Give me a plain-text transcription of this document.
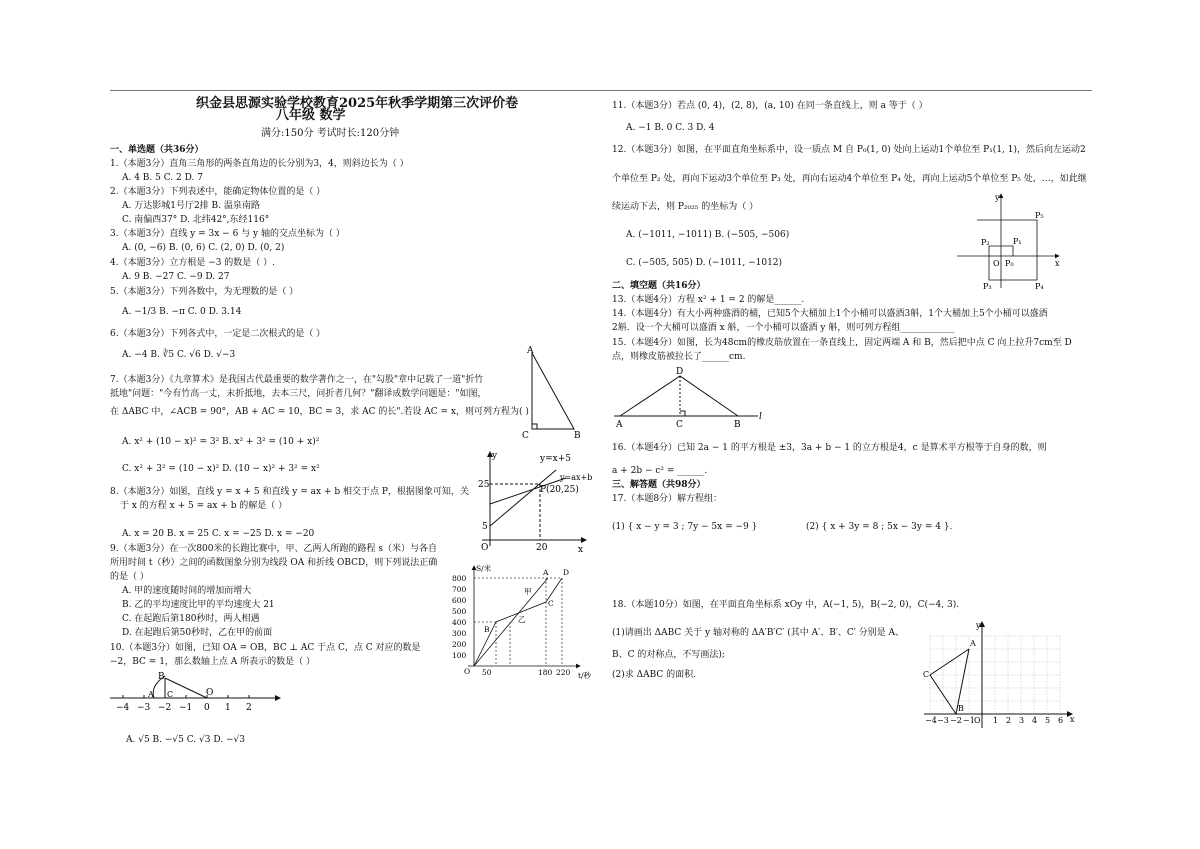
织金县思源实验学校教育2025年秋季学期第三次评价卷
八年级 数学
满分:150分 考试时长:120分钟
一、单选题（共36分）
1.（本题3分）直角三角形的两条直角边的长分别为3，4，则斜边长为（ ）
A. 4 B. 5 C. 2 D. 7
2.（本题3分）下列表述中，能确定物体位置的是（ ）
A. 万达影城1号厅2排 B. 温泉南路
C. 南偏西37° D. 北纬42°,东经116°
3.（本题3分）直线 y = 3x − 6 与 y 轴的交点坐标为（ ）
A. (0, −6) B. (0, 6) C. (2, 0) D. (0, 2)
4.（本题3分）立方根是 −3 的数是（ ）.
A. 9 B. −27 C. −9 D. 27
5.（本题3分）下列各数中，为无理数的是（ ）
A. −1/3 B. −π C. 0 D. 3.14
6.（本题3分）下列各式中，一定是二次根式的是（ ）
A. −4 B. ∛5 C. √6 D. √−3
7.（本题3分）《九章算术》是我国古代最重要的数学著作之一，在"勾股"章中记载了一道"折竹
抵地"问题："今有竹高一丈，末折抵地，去本三尺，问折者几何？"翻译成数学问题是："如图，
在 ΔABC 中，∠ACB = 90°，AB + AC = 10，BC = 3，求 AC 的长".若设 AC = x，则可列方程为( )
A. x² + (10 − x)² = 3² B. x² + 3² = (10 + x)²
C. x² + 3² = (10 − x)² D. (10 − x)² + 3² = x²
8.（本题3分）如图，直线 y = x + 5 和直线 y = ax + b 相交于点 P，根据图象可知，关
于 x 的方程 x + 5 = ax + b 的解是（ ）
A. x = 20 B. x = 25 C. x = −25 D. x = −20
9.（本题3分）在一次800米的长跑比赛中，甲、乙两人所跑的路程 s（米）与各自
所用时间 t（秒）之间的函数图象分别为线段 OA 和折线 OBCD，则下列说法正确
的是（ ）
A. 甲的速度随时间的增加而增大
B. 乙的平均速度比甲的平均速度大 21
C. 在起跑后第180秒时，两人相遇
D. 在起跑后第50秒时，乙在甲的前面
10.（本题3分）如图，已知 OA = OB，BC ⊥ AC 于点 C，点 C 对应的数是
−2，BC = 1，那么数轴上点 A 所表示的数是（ ）
A. √5 B. −√5 C. √3 D. −√3
11.（本题3分）若点 (0, 4)，(2, 8)，(a, 10) 在同一条直线上，则 a 等于（ ）
A. −1 B. 0 C. 3 D. 4
12.（本题3分）如图，在平面直角坐标系中，设一质点 M 自 P₀(1, 0) 处向上运动1个单位至 P₁(1, 1)，然后向左运动2
个单位至 P₂ 处，再向下运动3个单位至 P₃ 处，再向右运动4个单位至 P₄ 处，再向上运动5个单位至 P₅ 处，…，如此继
续运动下去，则 P₂₀₂₅ 的坐标为（ ）
A. (−1011, −1011) B. (−505, −506)
C. (−505, 505) D. (−1011, −1012)
二、填空题（共16分）
13.（本题4分）方程 x² + 1 = 2 的解是______.
14.（本题4分）有大小两种盛酒的桶，已知5个大桶加上1个小桶可以盛酒3斛，1个大桶加上5个小桶可以盛酒
2斛．设一个大桶可以盛酒 x 斛，一个小桶可以盛酒 y 斛，则可列方程组____________
15.（本题4分）如图，长为48cm的橡皮筋放置在一条直线上，固定两端 A 和 B，然后把中点 C 向上拉升7cm至 D
点，则橡皮筋被拉长了______cm.
16.（本题4分）已知 2a − 1 的平方根是 ±3，3a + b − 1 的立方根是4，c 是算术平方根等于自身的数，则
a + 2b − c² = ______.
三、解答题（共98分）
17.（本题8分）解方程组：
(1) { x − y = 3 ; 7y − 5x = −9 }	(2) { x + 3y = 8 ; 5x − 3y = 4 }.
18.（本题10分）如图，在平面直角坐标系 xOy 中，A(−1, 5)，B(−2, 0)，C(−4, 3).
(1)请画出 ΔABC 关于 y 轴对称的 ΔA′B′C′ (其中 A′、B′、C′ 分别是 A、
B、C 的对称点，不写画法);
(2)求 ΔABC 的面积.
A
C	B
y
x
O
25
5
20
y=x+5
y=ax+b
P(20,25)
S/米
t/秒
O
800
700
600
500
400
300
200
100
50	180 220
A D
C
B
甲
乙
−4 −3 −2 −1 0 1 2
B
C
A	O
y
x
O P₀
P₁
P₂
P₃	P₄
P₅
D
A	C	B
l
y
x
O
−4 −3 −2 −1 1 2 3 4 5 6
A
B
C
